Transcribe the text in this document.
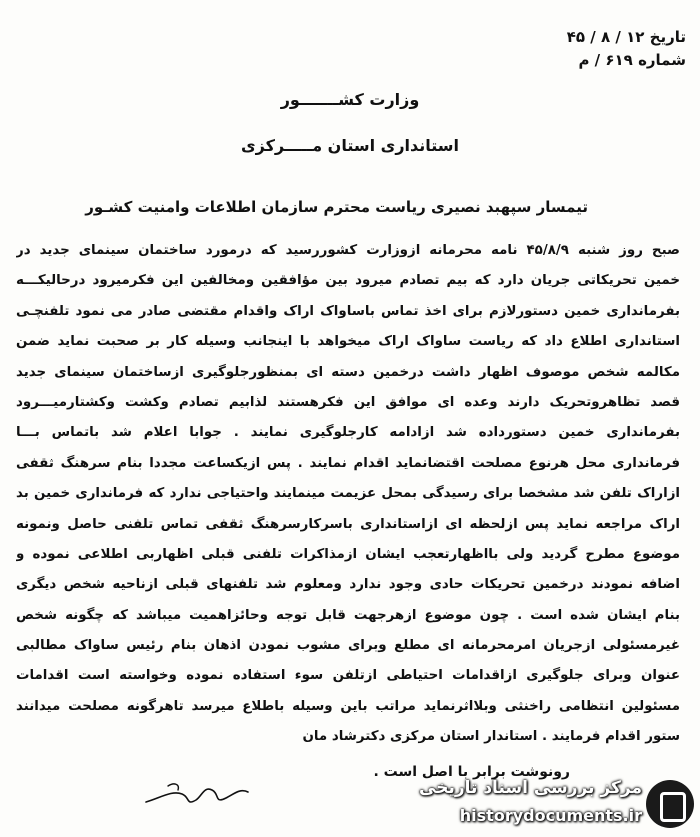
تاریخ ۱۲ / ۸ / ۴۵
شماره ۶۱۹ / م
وزارت کشـــــــور
استانداری استان مـــــرکزی
تیمسار سپهبد نصیری ریاست محترم سازمان اطلاعات وامنیت کشـور
صبح روز شنبه ۴۵/۸/۹ نامه محرمانه ازوزارت کشوررسید که درمورد ساختمان سینمای جدید در
خمین تحریکاتی جریان دارد که بیم تصادم میرود بین مؤافقین ومخالفین این فکرمیرود درحالیکـــه
بفرمانداری خمین دستورلازم برای اخذ تماس باساواک اراک واقدام مقتضی صادر می نمود تلفنچـی
استانداری اطلاع داد که ریاست ساواک اراک میخواهد با اینجانب وسیله کار بر صحبت نماید ضمن
مکالمه شخص موصوف اظهار داشت درخمین دسته ای بمنظورجلوگیری ازساختمان سینمای جدید
قصد تظاهروتحریک دارند وعده ای موافق این فکرهستند لذابیم تصادم وکشت وکشتارمیـــرود
بفرمانداری خمین دستورداده شد ازادامه کارجلوگیری نمایند . جوابا اعلام شد باتماس بـــا
فرمانداری محل هرنوع مصلحت اقتضانماید اقدام نمایند . پس ازیکساعت مجددا بنام سرهنگ ثقفی
ازاراک تلفن شد مشخصا برای رسیدگی بمحل عزیمت مینمایند واحتیاجی ندارد که فرمانداری خمین بد
اراک مراجعه نماید پس ازلحظه ای ازاستانداری باسرکارسرهنگ ثقفی تماس تلفنی حاصل ونمونه
موضوع مطرح گردید ولی بااظهارتعجب ایشان ازمذاکرات تلفنی قبلی اظهاربی اطلاعی نموده و
اضافه نمودند درخمین تحریکات حادی وجود ندارد ومعلوم شد تلفنهای قبلی ازناحیه شخص دیگری
بنام ایشان شده است . چون موضوع ازهرجهت قابل توجه وحائزاهمیت میباشد که چگونه شخص
غیرمسئولی ازجریان امرمحرمانه ای مطلع وبرای مشوب نمودن اذهان بنام رئیس ساواک مطالبی
عنوان وبرای جلوگیری ازاقدامات احتیاطی ازتلفن سوء استفاده نموده وخواسته است اقدامات
مسئولین انتظامی راخنثی وبلااثرنماید مراتب باین وسیله باطلاع میرسد تاهرگونه مصلحت میدانند
ستور اقدام فرمایند . استاندار استان مرکزی دکترشاد مان
رونوشت برابر با اصل است .
مرکز بررسی اسناد تاریخی
historydocuments.ir
